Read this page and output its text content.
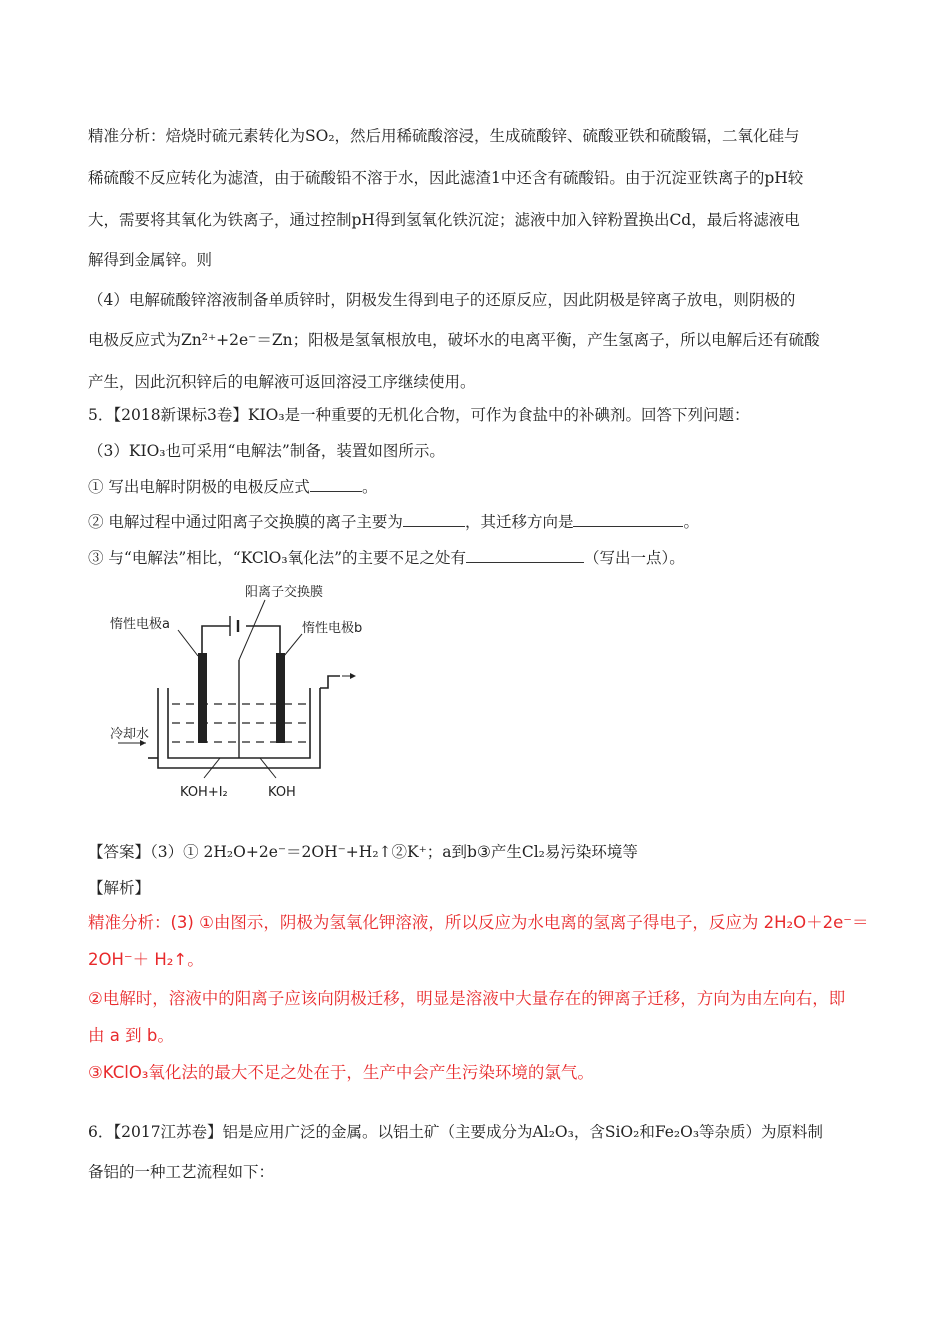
精准分析：焙烧时硫元素转化为SO₂，然后用稀硫酸溶浸，生成硫酸锌、硫酸亚铁和硫酸镉，二氧化硅与
稀硫酸不反应转化为滤渣，由于硫酸铅不溶于水，因此滤渣1中还含有硫酸铅。由于沉淀亚铁离子的pH较
大，需要将其氧化为铁离子，通过控制pH得到氢氧化铁沉淀；滤液中加入锌粉置换出Cd，最后将滤液电
解得到金属锌。则
（4）电解硫酸锌溶液制备单质锌时，阴极发生得到电子的还原反应，因此阴极是锌离子放电，则阴极的
电极反应式为Zn²⁺+2e⁻＝Zn；阳极是氢氧根放电，破坏水的电离平衡，产生氢离子，所以电解后还有硫酸
产生，因此沉积锌后的电解液可返回溶浸工序继续使用。
5．【2018新课标3卷】KIO₃是一种重要的无机化合物，可作为食盐中的补碘剂。回答下列问题：
（3）KIO₃也可采用“电解法”制备，装置如图所示。
① 写出电解时阴极的电极反应式	。
② 电解过程中通过阳离子交换膜的离子主要为	，其迁移方向是	。
③ 与“电解法”相比，“KClO₃氧化法”的主要不足之处有	（写出一点）。
阳离子交换膜
惰性电极a	惰性电极b
冷却水
KOH+I₂	KOH
【答案】（3）① 2H₂O+2e⁻＝2OH⁻+H₂↑②K⁺；a到b③产生Cl₂易污染环境等
【解析】
精准分析：(3) ①由图示，阴极为氢氧化钾溶液，所以反应为水电离的氢离子得电子，反应为 2H₂O＋2e⁻＝
2OH⁻＋ H₂↑。
②电解时，溶液中的阳离子应该向阴极迁移，明显是溶液中大量存在的钾离子迁移，方向为由左向右，即
由 a 到 b。
③KClO₃氧化法的最大不足之处在于，生产中会产生污染环境的氯气。
6．【2017江苏卷】铝是应用广泛的金属。以铝土矿（主要成分为Al₂O₃，含SiO₂和Fe₂O₃等杂质）为原料制
备铝的一种工艺流程如下：
